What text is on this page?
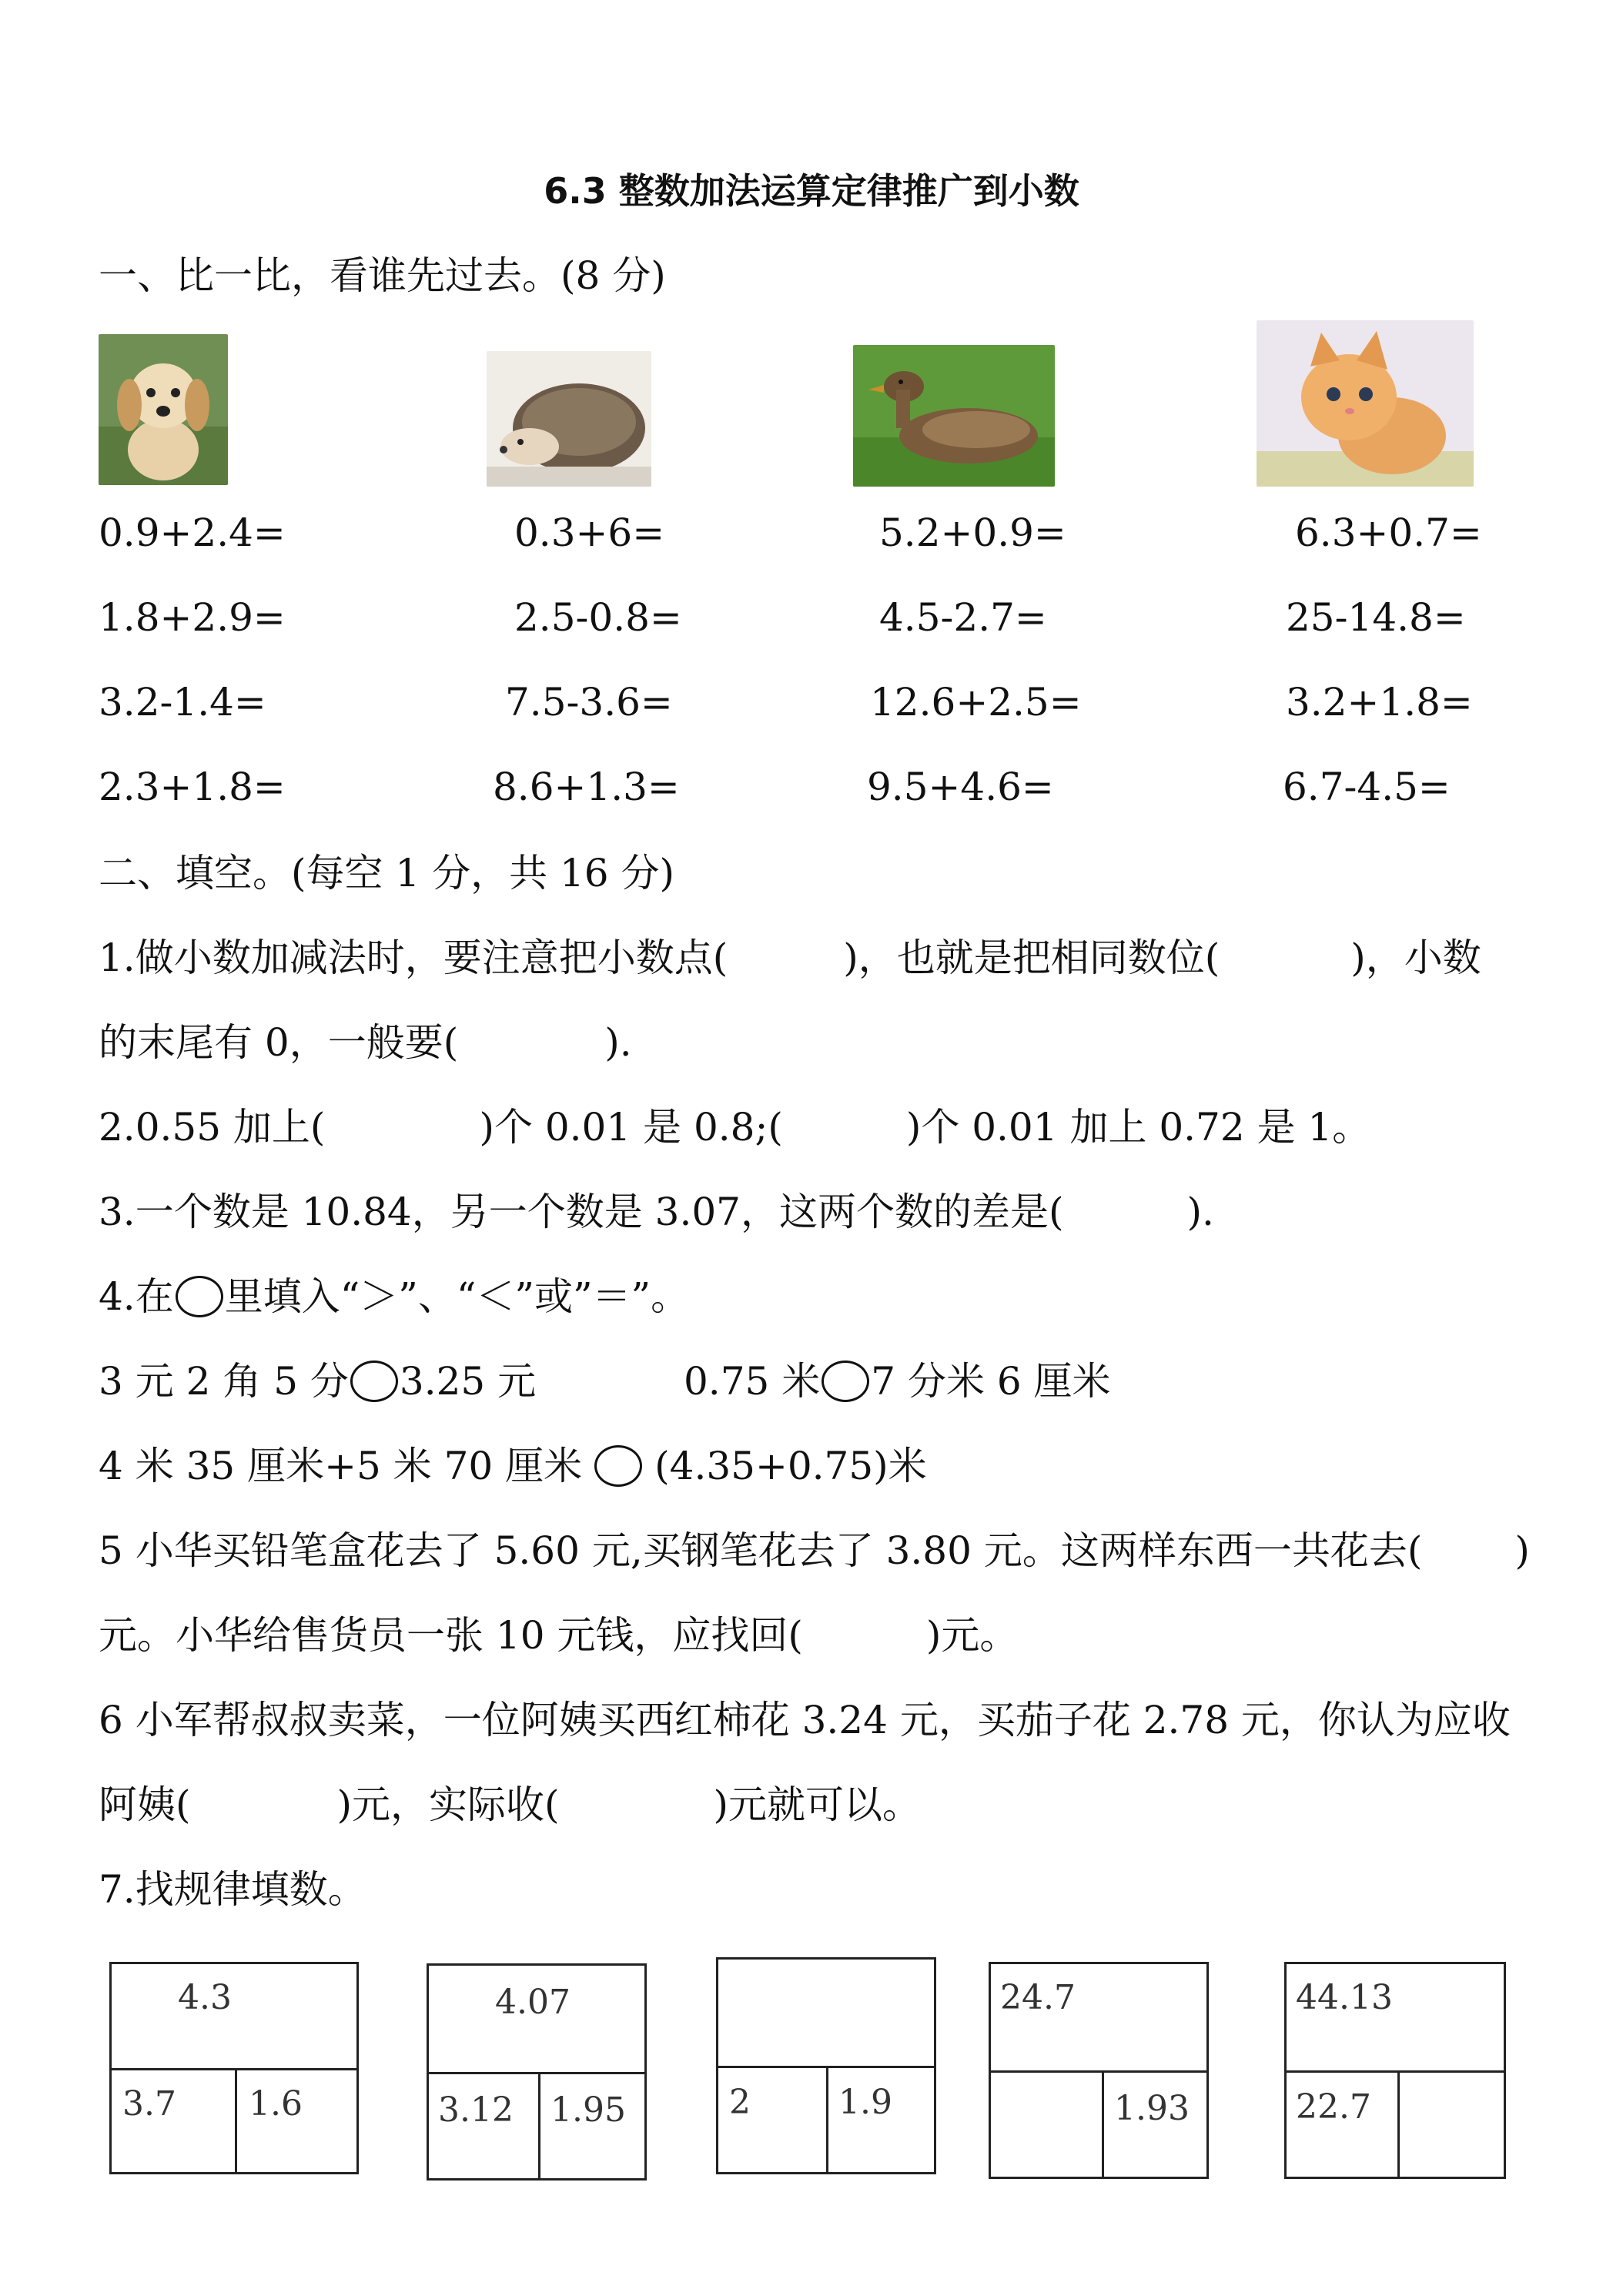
6.3 整数加法运算定律推广到小数
一、比一比，看谁先过去。(8 分)
0.9+2.4=
1.8+2.9=
3.2-1.4=
2.3+1.8=
0.3+6=
2.5-0.8=
7.5-3.6=
8.6+1.3=
5.2+0.9=
4.5-2.7=
12.6+2.5=
9.5+4.6=
6.3+0.7=
25-14.8=
3.2+1.8=
6.7-4.5=
二、填空。(每空 1 分，共 16 分)
1.做小数加减法时，要注意把小数点(	)，也就是把相同数位(	)，小数
的末尾有 0，一般要(	).
2.0.55 加上(	)个 0.01 是 0.8;(	)个 0.01 加上 0.72 是 1。
3.一个数是 10.84，另一个数是 3.07，这两个数的差是(	).
4.在 里填入“＞”、“＜”或”＝”。
3 元 2 角 5 分 3.25 元	0.75 米 7 分米 6 厘米
4 米 35 厘米+5 米 70 厘米 (4.35+0.75)米
5 小华买铅笔盒花去了 5.60 元,买钢笔花去了 3.80 元。这两样东西一共花去( )
元。小华给售货员一张 10 元钱，应找回(	)元。
6 小军帮叔叔卖菜，一位阿姨买西红柿花 3.24 元，买茄子花 2.78 元，你认为应收
阿姨(	)元，实际收(	)元就可以。
7.找规律填数。
4.3
3.7 1.6
4.07
3.12 1.95	2	1.9
24.7
1.93
44.13
22.7
